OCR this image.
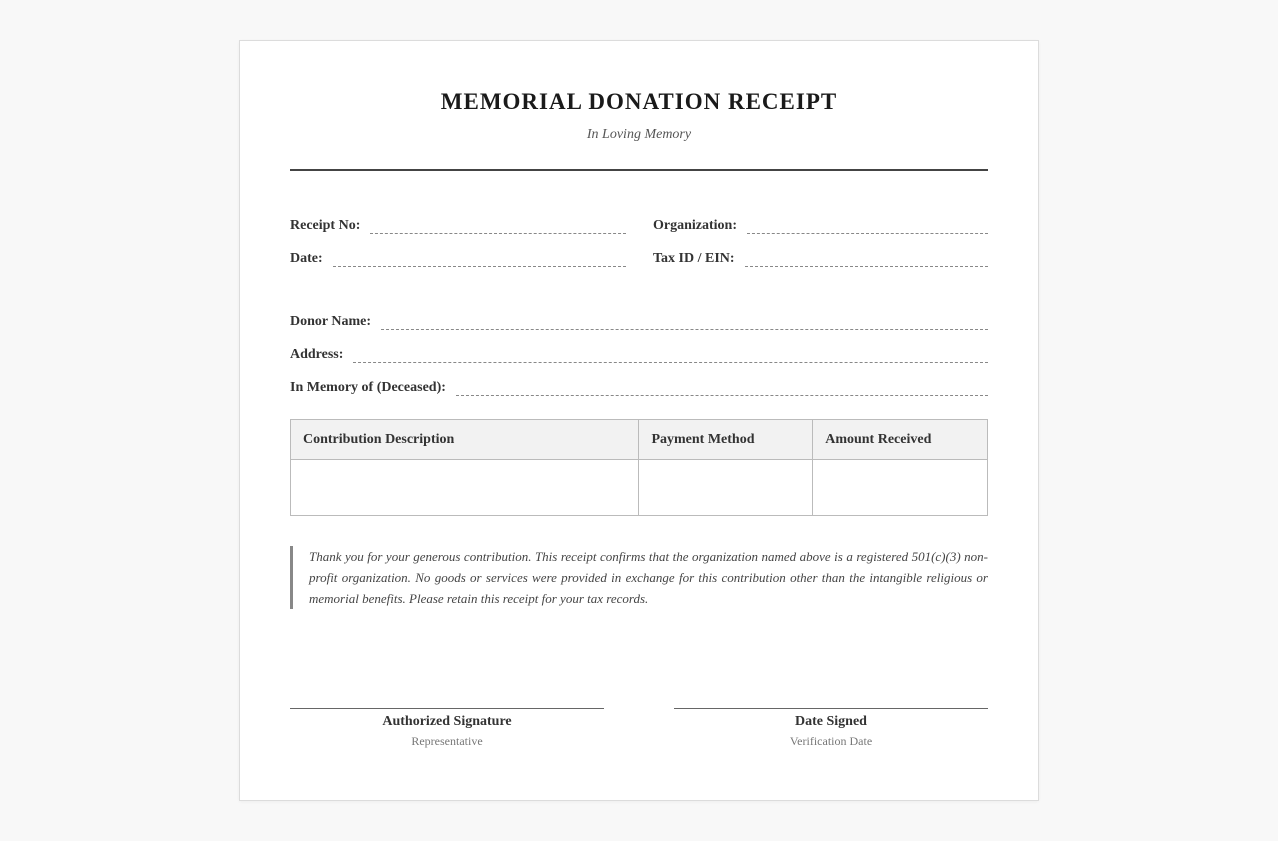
MEMORIAL DONATION RECEIPT
In Loving Memory
Receipt No:	Organization:
Date:	Tax ID / EIN:
Donor Name:
Address:
In Memory of (Deceased):
Contribution Description	Payment Method	Amount Received

Thank you for your generous contribution. This receipt confirms that the organization named above is a registered 501(c)(3) non-profit organization. No goods or services were provided in exchange for this contribution other than the intangible religious or memorial benefits. Please retain this receipt for your tax records.
Authorized Signature
Representative
Date Signed
Verification Date
